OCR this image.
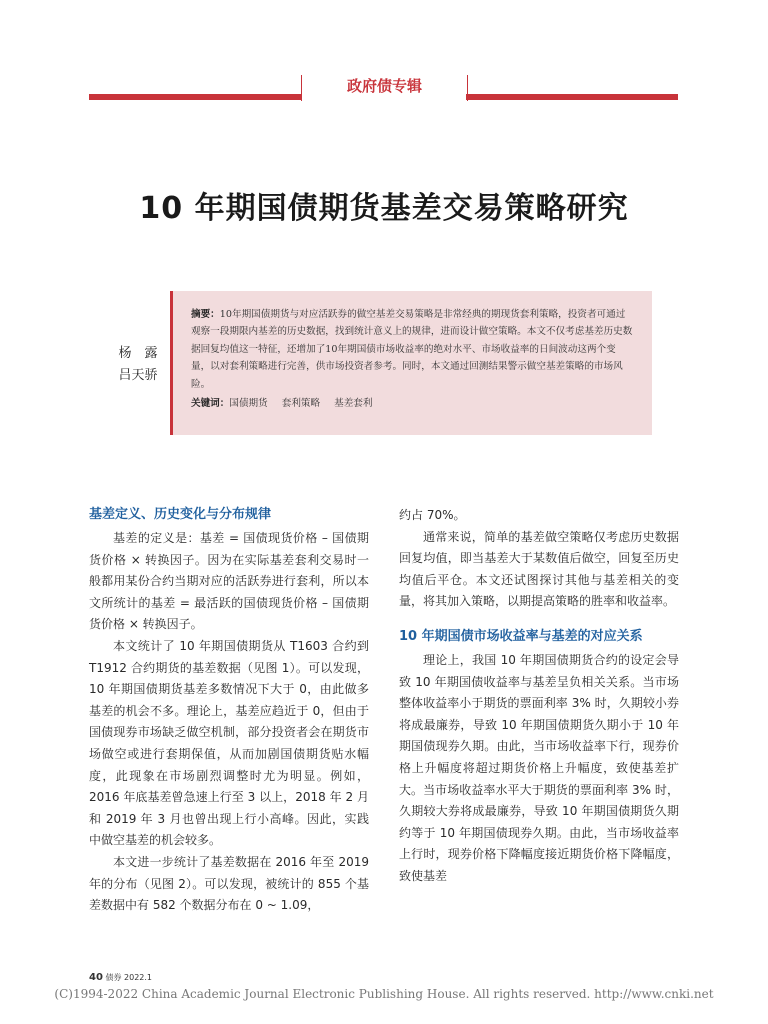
政府债专辑
10 年期国债期货基差交易策略研究
杨　露
吕天骄
摘要：10年期国债期货与对应活跃券的做空基差交易策略是非常经典的期现货套利策略，投资者可通过观察一段期限内基差的历史数据，找到统计意义上的规律，进而设计做空策略。本文不仅考虑基差历史数据回复均值这一特征，还增加了10年期国债市场收益率的绝对水平、市场收益率的日间波动这两个变量，以对套利策略进行完善，供市场投资者参考。同时，本文通过回测结果警示做空基差策略的市场风险。
关键词：国债期货 套利策略 基差套利
基差定义、历史变化与分布规律

基差的定义是：基差 = 国债现货价格 – 国债期货价格 × 转换因子。因为在实际基差套利交易时一般都用某份合约当期对应的活跃券进行套利，所以本文所统计的基差 = 最活跃的国债现货价格 – 国债期货价格 × 转换因子。

本文统计了 10 年期国债期货从 T1603 合约到 T1912 合约期货的基差数据（见图 1）。可以发现，10 年期国债期货基差多数情况下大于 0，由此做多基差的机会不多。理论上，基差应趋近于 0，但由于国债现券市场缺乏做空机制，部分投资者会在期货市场做空或进行套期保值，从而加剧国债期货贴水幅度，此现象在市场剧烈调整时尤为明显。例如，2016 年底基差曾急速上行至 3 以上，2018 年 2 月和 2019 年 3 月也曾出现上行小高峰。因此，实践中做空基差的机会较多。

本文进一步统计了基差数据在 2016 年至 2019 年的分布（见图 2）。可以发现，被统计的 855 个基差数据中有 582 个数据分布在 0 ~ 1.09，

约占 70%。

通常来说，简单的基差做空策略仅考虑历史数据回复均值，即当基差大于某数值后做空，回复至历史均值后平仓。本文还试图探讨其他与基差相关的变量，将其加入策略，以期提高策略的胜率和收益率。

10 年期国债市场收益率与基差的对应关系

理论上，我国 10 年期国债期货合约的设定会导致 10 年期国债收益率与基差呈负相关关系。当市场整体收益率小于期货的票面利率 3% 时，久期较小券将成最廉券，导致 10 年期国债期货久期小于 10 年期国债现券久期。由此，当市场收益率下行，现券价格上升幅度将超过期货价格上升幅度，致使基差扩大。当市场收益率水平大于期货的票面利率 3% 时，久期较大券将成最廉券，导致 10 年期国债期货久期约等于 10 年期国债现券久期。由此，当市场收益率上行时，现券价格下降幅度接近期货价格下降幅度，致使基差

40 债券 2022.1
(C)1994-2022 China Academic Journal Electronic Publishing House. All rights reserved. http://www.cnki.net
